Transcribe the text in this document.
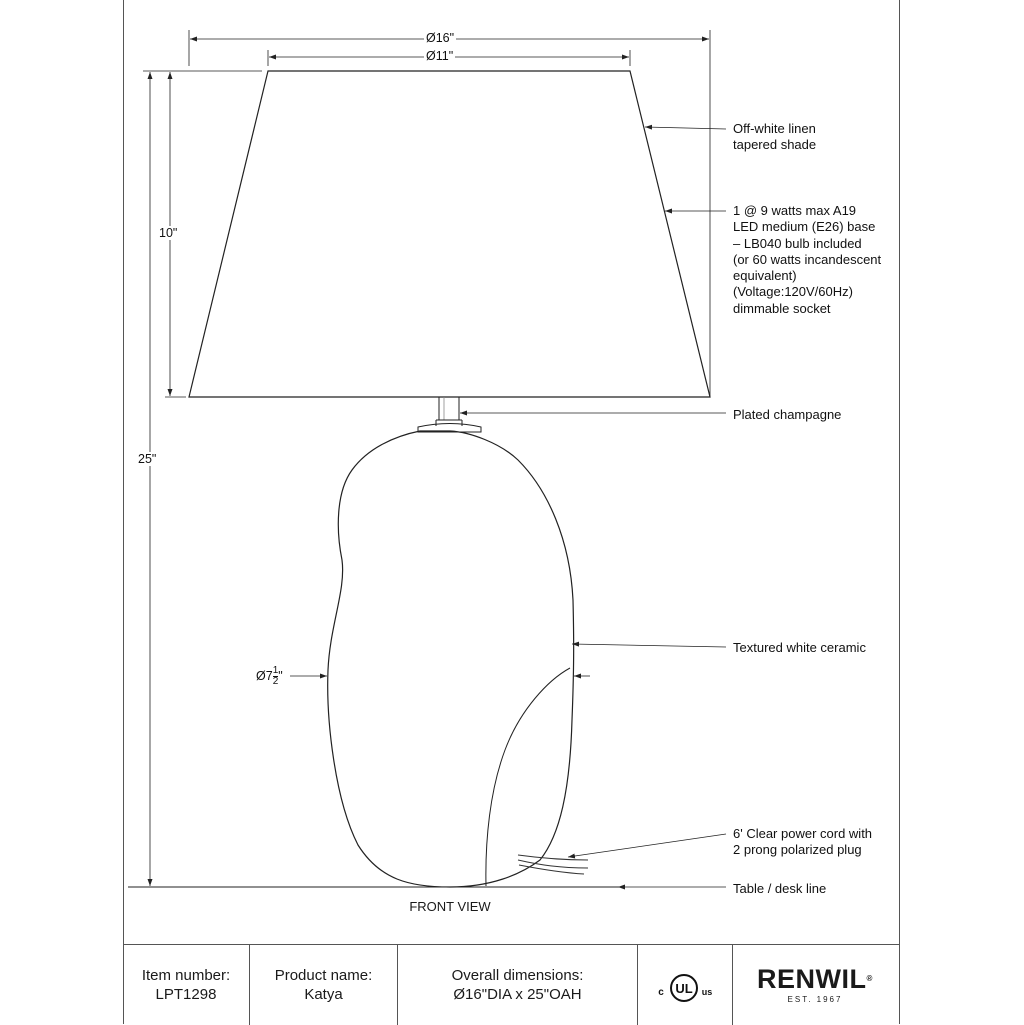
Ø16"
Ø11"
10"
25"
Ø7 $\frac{1}{2}$"
Off-white linen
tapered shade
1 @ 9 watts max A19
LED medium (E26) base
– LB040 bulb included
(or 60 watts incandescent
equivalent)
(Voltage:120V/60Hz)
dimmable socket
Plated champagne
Textured white ceramic
6' Clear power cord with
2 prong polarized plug
Table / desk line
FRONT VIEW
Item number:
LPT1298
Product name:
Katya
Overall dimensions:
Ø16"DIA x 25"OAH	UL
c	us	RENWIL®
EST. 1967
